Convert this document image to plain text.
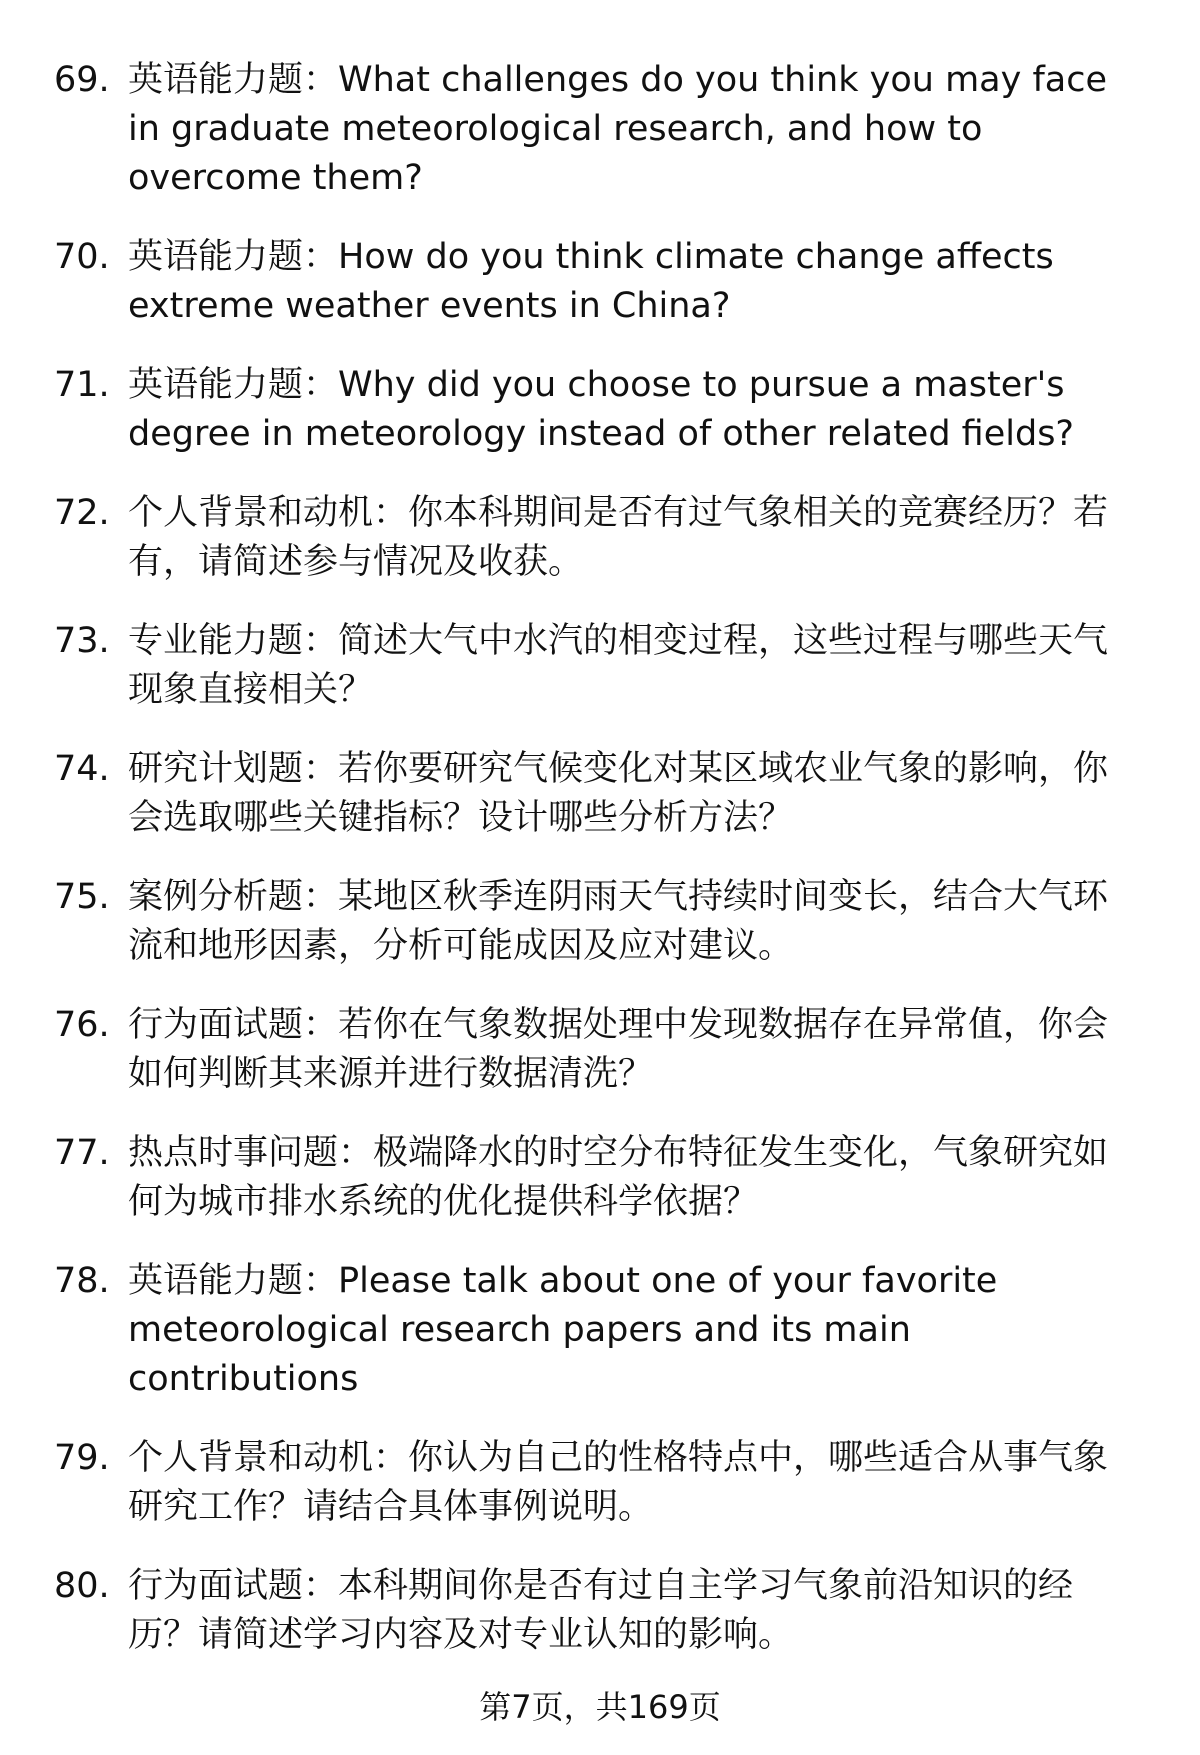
69. 英语能力题：What challenges do you think you may face in graduate meteorological research, and how to overcome them?
70. 英语能力题：How do you think climate change affects extreme weather events in China?
71. 英语能力题：Why did you choose to pursue a master's degree in meteorology instead of other related fields?
72. 个人背景和动机：你本科期间是否有过气象相关的竞赛经历？若有，请简述参与情况及收获。
73. 专业能力题：简述大气中水汽的相变过程，这些过程与哪些天气现象直接相关？
74. 研究计划题：若你要研究气候变化对某区域农业气象的影响，你会选取哪些关键指标？设计哪些分析方法？
75. 案例分析题：某地区秋季连阴雨天气持续时间变长，结合大气环流和地形因素，分析可能成因及应对建议。
76. 行为面试题：若你在气象数据处理中发现数据存在异常值，你会如何判断其来源并进行数据清洗？
77. 热点时事问题：极端降水的时空分布特征发生变化，气象研究如何为城市排水系统的优化提供科学依据？
78. 英语能力题：Please talk about one of your favorite meteorological research papers and its main contributions
79. 个人背景和动机：你认为自己的性格特点中，哪些适合从事气象研究工作？请结合具体事例说明。
80. 行为面试题：本科期间你是否有过自主学习气象前沿知识的经历？请简述学习内容及对专业认知的影响。
第7页，共169页
